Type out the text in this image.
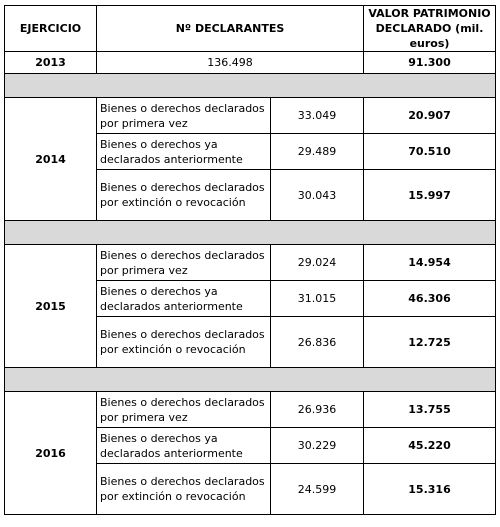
EJERCICIO	Nº DECLARANTES		VALOR PATRIMONIO
DECLARADO (mil. euros)

2013	136.498		91.300

2014	Bienes o derechos declarados por primera vez	33.049	20.907
	Bienes o derechos ya declarados anteriormente	29.489	70.510
	Bienes o derechos declarados por extinción o revocación	30.043	15.997

2015	Bienes o derechos declarados por primera vez	29.024	14.954
	Bienes o derechos ya declarados anteriormente	31.015	46.306
	Bienes o derechos declarados por extinción o revocación	26.836	12.725

2016	Bienes o derechos declarados por primera vez	26.936	13.755
	Bienes o derechos ya declarados anteriormente	30.229	45.220
	Bienes o derechos declarados por extinción o revocación	24.599	15.316
